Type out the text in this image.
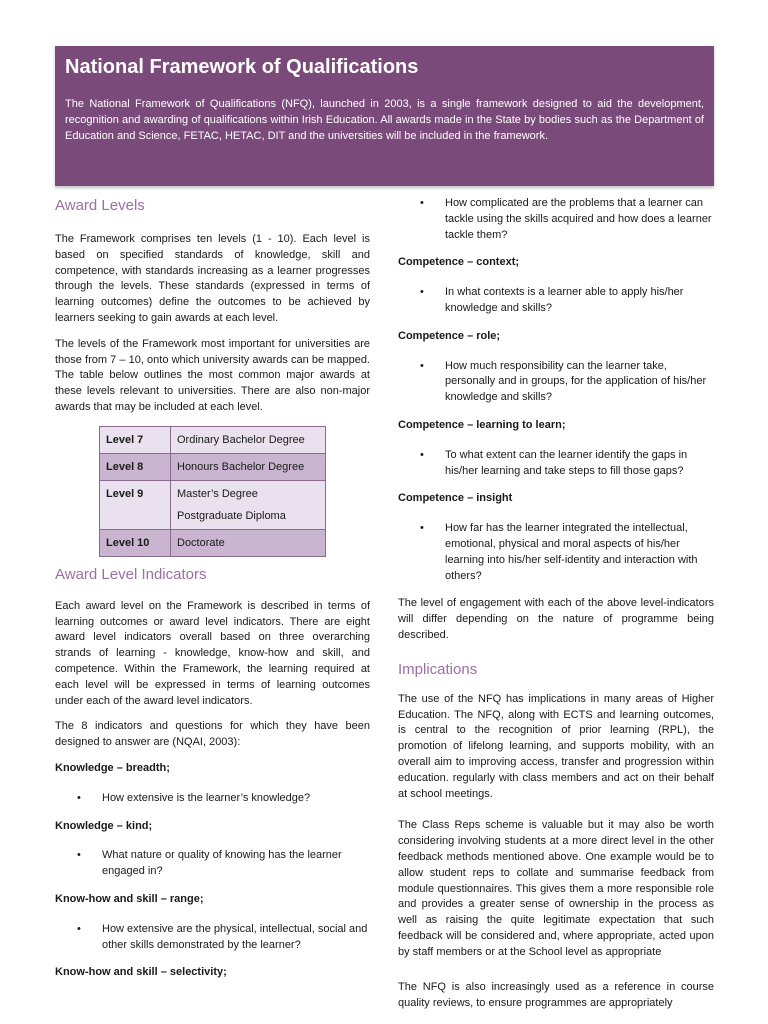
National Framework of Qualifications

The National Framework of Qualifications (NFQ), launched in 2003, is a single framework designed to aid the development, recognition and awarding of qualifications within Irish Education. All awards made in the State by bodies such as the Department of Education and Science, FETAC, HETAC, DIT and the universities will be included in the framework.

Award Levels

The Framework comprises ten levels (1 - 10). Each level is based on specified standards of knowledge, skill and competence, with standards increasing as a learner progresses through the levels. These standards (expressed in terms of learning outcomes) define the outcomes to be achieved by learners seeking to gain awards at each level.

The levels of the Framework most important for universities are those from 7 – 10, onto which university awards can be mapped. The table below outlines the most common major awards at these levels relevant to universities. There are also non-major awards that may be included at each level.

Level 7	Ordinary Bachelor Degree
Level 8	Honours Bachelor Degree
Level 9	Master’s Degree
Postgraduate Diploma

Level 10	Doctorate
Award Level Indicators

Each award level on the Framework is described in terms of learning outcomes or award level indicators. There are eight award level indicators overall based on three overarching strands of learning - knowledge, know-how and skill, and competence. Within the Framework, the learning required at each level will be expressed in terms of learning outcomes under each of the award level indicators.

The 8 indicators and questions for which they have been designed to answer are (NQAI, 2003):

Knowledge – breadth;

• How extensive is the learner’s knowledge?

Knowledge – kind;

• What nature or quality of knowing has the learner engaged in?

Know-how and skill – range;

• How extensive are the physical, intellectual, social and other skills demonstrated by the learner?

Know-how and skill – selectivity;

• How complicated are the problems that a learner can tackle using the skills acquired and how does a learner tackle them?

Competence – context;

• In what contexts is a learner able to apply his/her knowledge and skills?

Competence – role;

• How much responsibility can the learner take, personally and in groups, for the application of his/her knowledge and skills?

Competence – learning to learn;

• To what extent can the learner identify the gaps in his/her learning and take steps to fill those gaps?

Competence – insight

• How far has the learner integrated the intellectual, emotional, physical and moral aspects of his/her learning into his/her self-identity and interaction with others?

The level of engagement with each of the above level-indicators will differ depending on the nature of programme being described.

Implications

The use of the NFQ has implications in many areas of Higher Education. The NFQ, along with ECTS and learning outcomes, is central to the recognition of prior learning (RPL), the promotion of lifelong learning, and supports mobility, with an overall aim to improving access, transfer and progression within education. regularly with class members and act on their behalf at school meetings.

The Class Reps scheme is valuable but it may also be worth considering involving students at a more direct level in the other feedback methods mentioned above. One example would be to allow student reps to collate and summarise feedback from module questionnaires. This gives them a more responsible role and provides a greater sense of ownership in the process as well as raising the quite legitimate expectation that such feedback will be considered and, where appropriate, acted upon by staff members or at the School level as appropriate

The NFQ is also increasingly used as a reference in course quality reviews, to ensure programmes are appropriately
